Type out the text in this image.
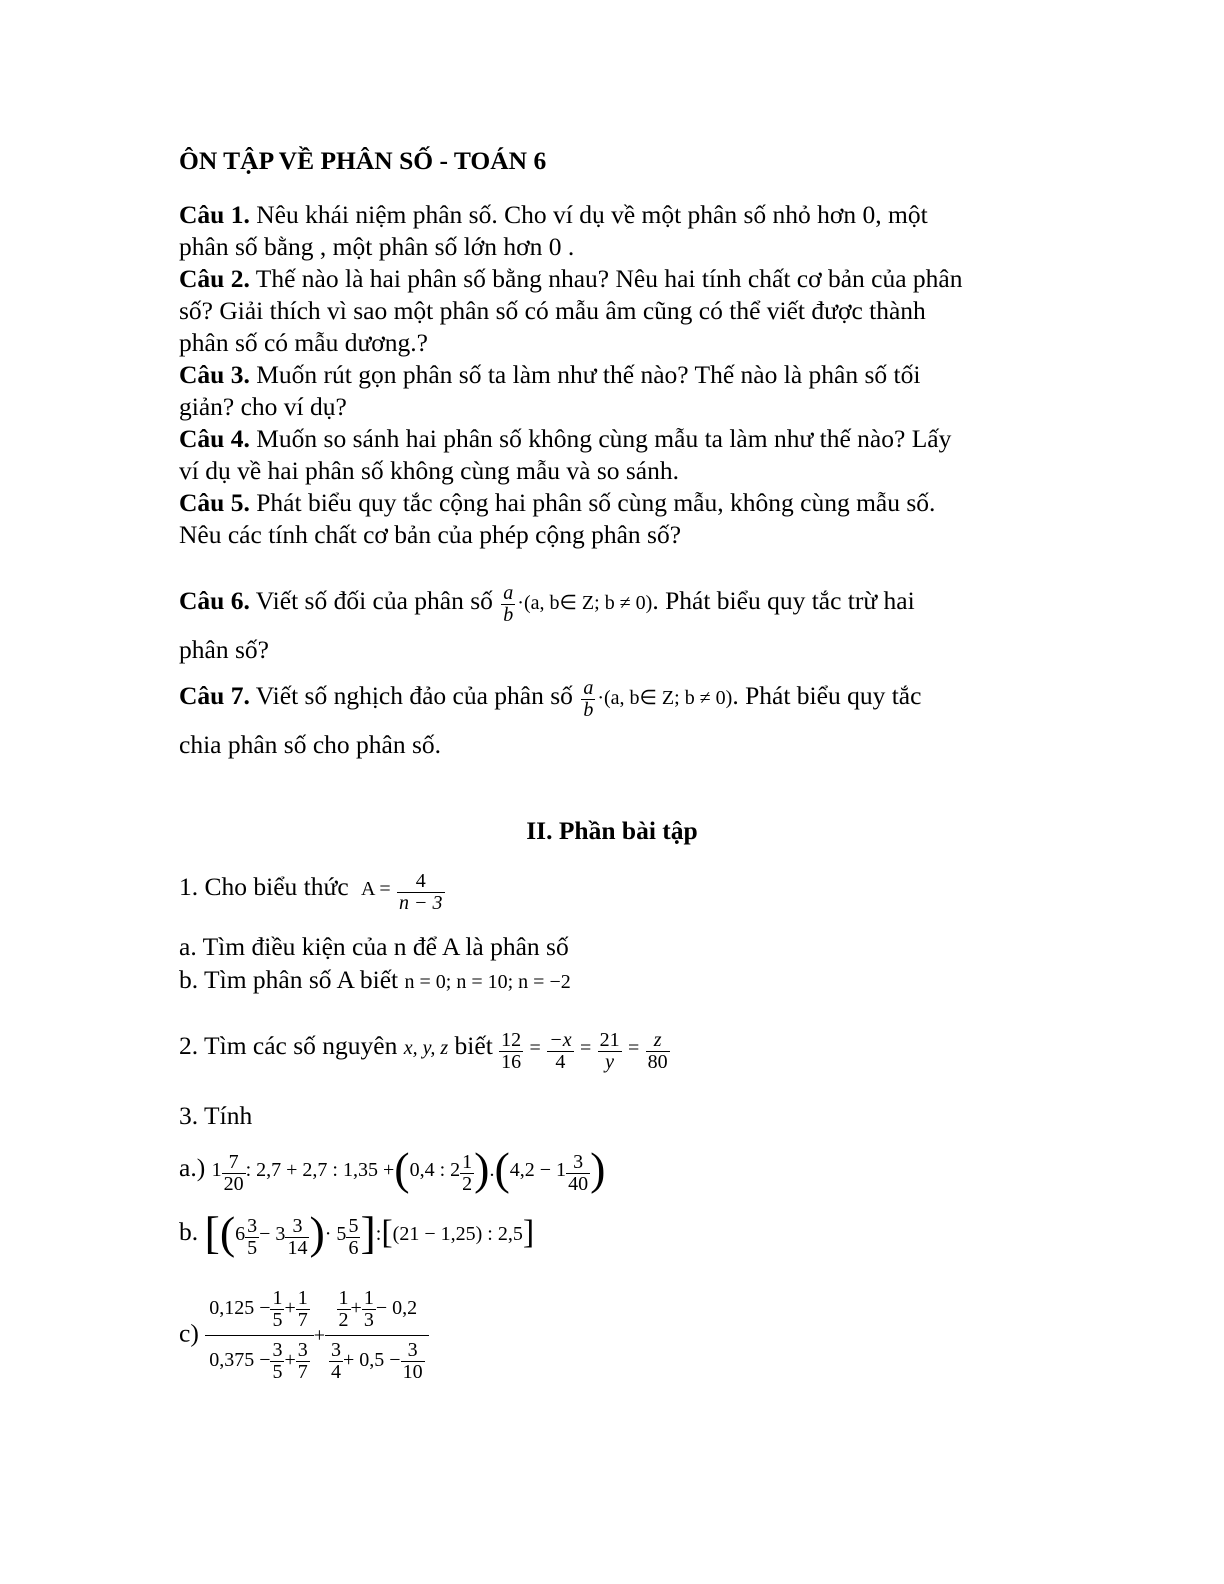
ÔN TẬP VỀ PHÂN SỐ - TOÁN 6
Câu 1. Nêu khái niệm phân số. Cho ví dụ về một phân số nhỏ hơn 0, một
phân số bằng , một phân số lớn hơn 0 .
Câu 2. Thế nào là hai phân số bằng nhau? Nêu hai tính chất cơ bản của phân
số? Giải thích vì sao một phân số có mẫu âm cũng có thể viết được thành
phân số có mẫu dương.?
Câu 3. Muốn rút gọn phân số ta làm như thế nào? Thế nào là phân số tối
giản? cho ví dụ?
Câu 4. Muốn so sánh hai phân số không cùng mẫu ta làm như thế nào? Lấy
ví dụ về hai phân số không cùng mẫu và so sánh.
Câu 5. Phát biểu quy tắc cộng hai phân số cùng mẫu, không cùng mẫu số.
Nêu các tính chất cơ bản của phép cộng phân số?
Câu 6. Viết số đối của phân số $\frac{a}{b} \cdot(a$, b∈ Z; b ≠ 0). Phát biểu quy tắc trừ hai
phân số?
Câu 7. Viết số nghịch đảo của phân số $\frac{a}{b} \cdot(a$, b∈ Z; b ≠ 0). Phát biểu quy tắc
chia phân số cho phân số.
II. Phần bài tập
1. Cho biểu thức $A = \frac{4}{n - 3}$
a. Tìm điều kiện của n để A là phân số
b. Tìm phân số A biết n = 0; n = 10; n = −2
2. Tìm các số nguyên x, y, z biết $\frac{12}{16} = \frac{-x}{4} = \frac{21}{y} = \frac{z}{80}$
3. Tính
a.) $1 \frac{7}{20}$ : 2,7 + 2,7 : 1,35 +(0,4 : $2 \frac{1}{2} ).(4,2 - 1 \frac{3}{40}$ )
b. [($6 \frac{3}{5} - 3 \frac{3}{14}$ )· $5 \frac{5}{6}$ ]:[(21 − 1,25) : 2,5]
$c) \frac{0,125 - \frac{1}{5} + \frac{1}{7}}{0,375 - \frac{3}{5} + \frac{3}{7}} + \frac{\frac{1}{2} + \frac{1}{3} - 0,2}{\frac{3}{4} + 0,5 - \frac{3}{10}}$
